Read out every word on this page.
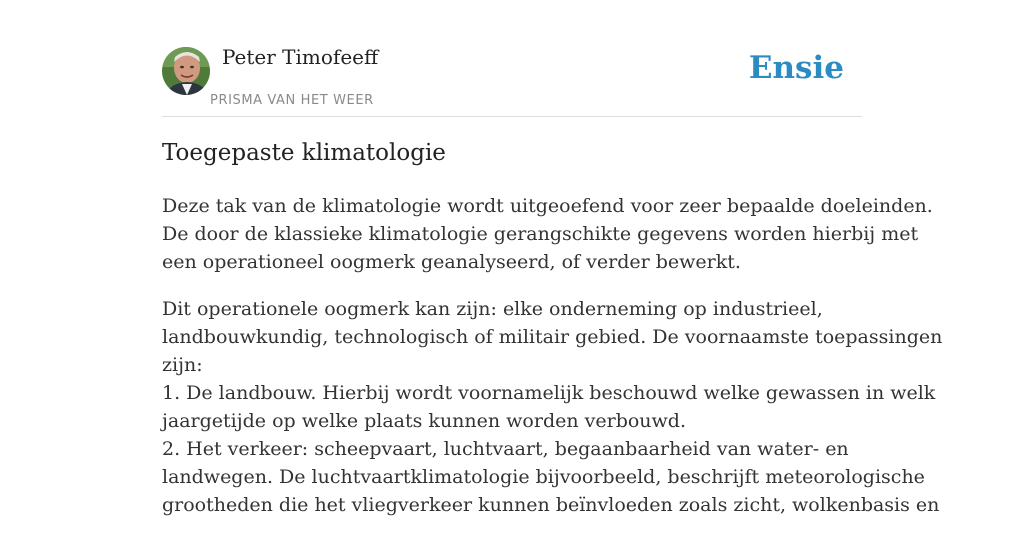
Peter Timofeeff
PRISMA VAN HET WEER
Ensie
Toegepaste klimatologie

Deze tak van de klimatologie wordt uitgeoefend voor zeer bepaalde doeleinden.
De door de klassieke klimatologie gerangschikte gegevens worden hierbij met
een operationeel oogmerk geanalyseerd, of verder bewerkt.

Dit operationele oogmerk kan zijn: elke onderneming op industrieel,
landbouwkundig, technologisch of militair gebied. De voornaamste toepassingen
zijn:
1. De landbouw. Hierbij wordt voornamelijk beschouwd welke gewassen in welk
jaargetijde op welke plaats kunnen worden verbouwd.
2. Het verkeer: scheepvaart, luchtvaart, begaanbaarheid van water- en
landwegen. De luchtvaartklimatologie bijvoorbeeld, beschrijft meteorologische
grootheden die het vliegverkeer kunnen beïnvloeden zoals zicht, wolkenbasis en
